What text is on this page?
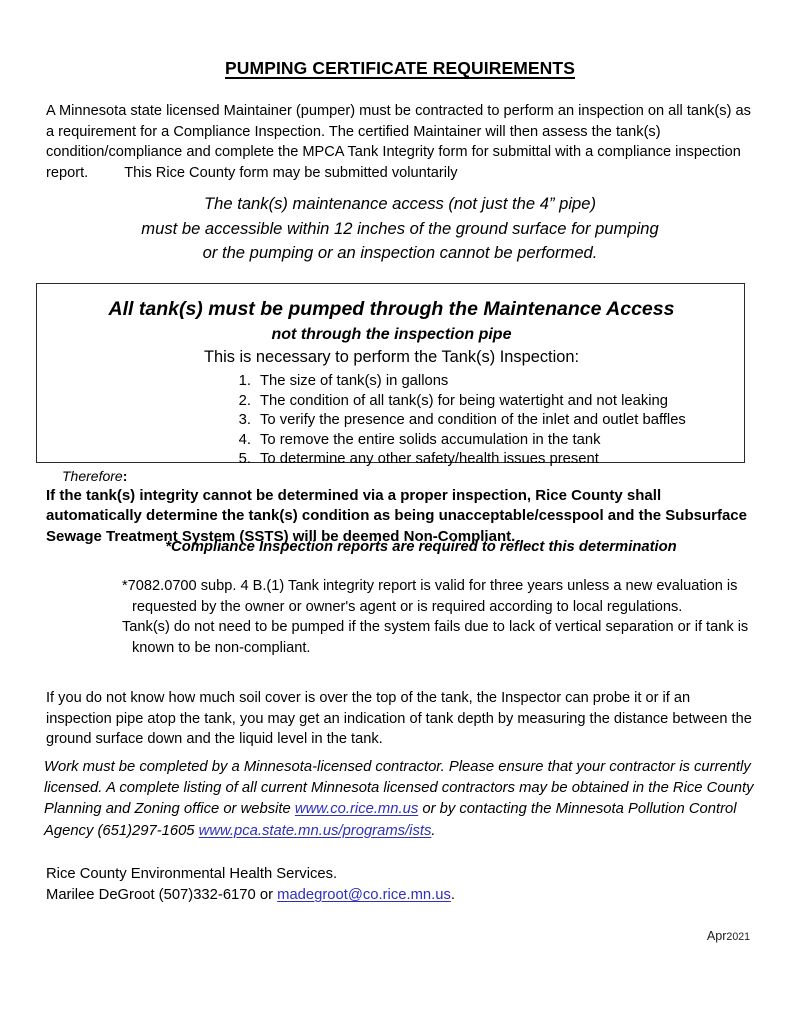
PUMPING CERTIFICATE REQUIREMENTS
A Minnesota state licensed Maintainer (pumper) must be contracted to perform an inspection on all tank(s) as a requirement for a Compliance Inspection. The certified Maintainer will then assess the tank(s) condition/compliance and complete the MPCA Tank Integrity form for submittal with a compliance inspection report. This Rice County form may be submitted voluntarily
The tank(s) maintenance access (not just the 4” pipe)
must be accessible within 12 inches of the ground surface for pumping
or the pumping or an inspection cannot be performed.
All tank(s) must be pumped through the Maintenance Access
not through the inspection pipe
This is necessary to perform the Tank(s) Inspection:
1. The size of tank(s) in gallons
2. The condition of all tank(s) for being watertight and not leaking
3. To verify the presence and condition of the inlet and outlet baffles
4. To remove the entire solids accumulation in the tank
5. To determine any other safety/health issues present
Therefore:
If the tank(s) integrity cannot be determined via a proper inspection, Rice County shall automatically determine the tank(s) condition as being unacceptable/cesspool and the Subsurface Sewage Treatment System (SSTS) will be deemed Non-Compliant.
*Compliance Inspection reports are required to reflect this determination
*7082.0700 subp. 4 B.(1) Tank integrity report is valid for three years unless a new evaluation is requested by the owner or owner's agent or is required according to local regulations.
Tank(s) do not need to be pumped if the system fails due to lack of vertical separation or if tank is known to be non-compliant.
If you do not know how much soil cover is over the top of the tank, the Inspector can probe it or if an inspection pipe atop the tank, you may get an indication of tank depth by measuring the distance between the ground surface down and the liquid level in the tank.
Work must be completed by a Minnesota-licensed contractor. Please ensure that your contractor is currently licensed. A complete listing of all current Minnesota licensed contractors may be obtained in the Rice County Planning and Zoning office or website www.co.rice.mn.us or by contacting the Minnesota Pollution Control Agency (651)297-1605 www.pca.state.mn.us/programs/ists.
Rice County Environmental Health Services.
Marilee DeGroot (507)332-6170 or madegroot@co.rice.mn.us.
Apr2021
